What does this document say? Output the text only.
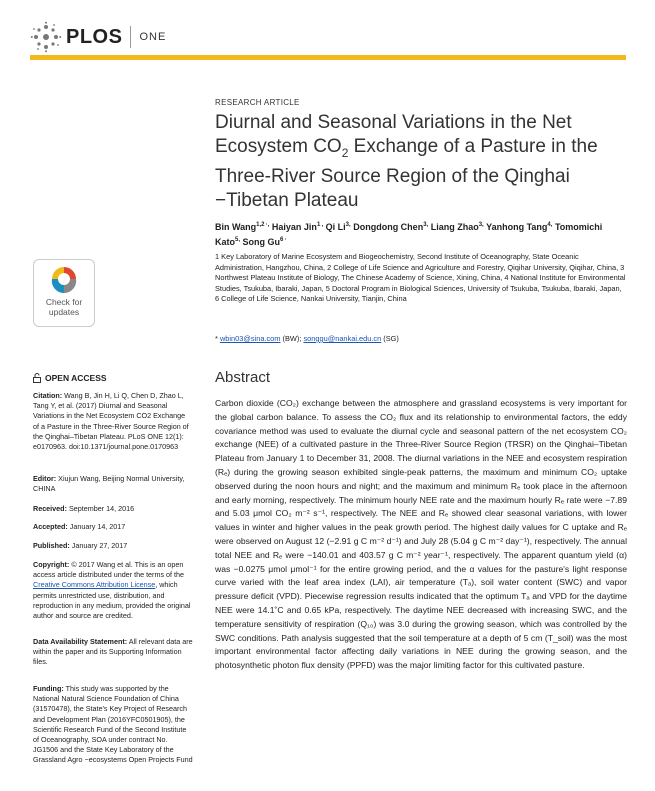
PLOS ONE
Check for
updates
OPEN ACCESS
Citation: Wang B, Jin H, Li Q, Chen D, Zhao L, Tang Y, et al. (2017) Diurnal and Seasonal Variations in the Net Ecosystem CO2 Exchange of a Pasture in the Three-River Source Region of the Qinghai–Tibetan Plateau. PLoS ONE 12(1): e0170963. doi:10.1371/journal.pone.0170963
Editor: Xiujun Wang, Beijing Normal University, CHINA
Received: September 14, 2016
Accepted: January 14, 2017
Published: January 27, 2017
Copyright: © 2017 Wang et al. This is an open access article distributed under the terms of the Creative Commons Attribution License, which permits unrestricted use, distribution, and reproduction in any medium, provided the original author and source are credited.
Data Availability Statement: All relevant data are within the paper and its Supporting Information files.
Funding: This study was supported by the National Natural Science Foundation of China (31570478), the State's Key Project of Research and Development Plan (2016YFC0501905), the Scientific Research Fund of the Second Institute of Oceanography, SOA under contract No. JG1506 and the State Key Laboratory of the Grassland Agro −ecosystems Open Projects Fund
RESEARCH ARTICLE
Diurnal and Seasonal Variations in the Net Ecosystem $CO_2$ Exchange of a Pasture in the Three-River Source Region of the Qinghai −Tibetan Plateau
Bin Wang$^{1,2 \cdot,}$ Haiyan Jin$^{1 ,}$ Qi $Li^{3,}$ Dongdong Chen$^{3,}$ Liang Zhao$^{3,}$ Yanhong Tang$^{4,}$ Tomomichi Kato$^{5,}$ Song $Gu^{6 \cdot}$
1 Key Laboratory of Marine Ecosystem and Biogeochemistry, Second Institute of Oceanography, State Oceanic Administration, Hangzhou, China, 2 College of Life Science and Agriculture and Forestry, Qiqihar University, Qiqihar, China, 3 Northwest Plateau Institute of Biology, The Chinese Academy of Science, Xining, China, 4 National Institute for Environmental Studies, Tsukuba, Ibaraki, Japan, 5 Doctoral Program in Biological Sciences, University of Tsukuba, Tsukuba, Ibaraki, Japan, 6 College of Life Science, Nankai University, Tianjin, China
* wbin03@sina.com (BW); songgu@nankai.edu.cn (SG)
Abstract
Carbon dioxide (CO₂) exchange between the atmosphere and grassland ecosystems is very important for the global carbon balance. To assess the CO₂ flux and its relationship to environmental factors, the eddy covariance method was used to evaluate the diurnal cycle and seasonal pattern of the net ecosystem CO₂ exchange (NEE) of a cultivated pasture in the Three-River Source Region (TRSR) on the Qinghai–Tibetan Plateau from January 1 to December 31, 2008. The diurnal variations in the NEE and ecosystem respiration (Rₑ) during the growing season exhibited single-peak patterns, the maximum and minimum CO₂ uptake observed during the noon hours and night; and the maximum and minimum Rₑ took place in the afternoon and early morning, respectively. The minimum hourly NEE rate and the maximum hourly Rₑ rate were −7.89 and 5.03 μmol CO₂ m⁻² s⁻¹, respectively. The NEE and Rₑ showed clear seasonal variations, with lower values in winter and higher values in the peak growth period. The highest daily values for C uptake and Rₑ were observed on August 12 (−2.91 g C m⁻² d⁻¹) and July 28 (5.04 g C m⁻² day⁻¹), respectively. The annual total NEE and Rₑ were −140.01 and 403.57 g C m⁻² year⁻¹, respectively. The apparent quantum yield (α) was −0.0275 μmol μmol⁻¹ for the entire growing period, and the α values for the pasture's light response curve varied with the leaf area index (LAI), air temperature (Tₐ), soil water content (SWC) and vapor pressure deficit (VPD). Piecewise regression results indicated that the optimum Tₐ and VPD for the daytime NEE were 14.1˚C and 0.65 kPa, respectively. The daytime NEE decreased with increasing SWC, and the temperature sensitivity of respiration (Q₁₀) was 3.0 during the growing season, which was controlled by the SWC conditions. Path analysis suggested that the soil temperature at a depth of 5 cm (T_soil) was the most important environmental factor affecting daily variations in NEE during the growing season, and the photosynthetic photon flux density (PPFD) was the major limiting factor for this cultivated pasture.
